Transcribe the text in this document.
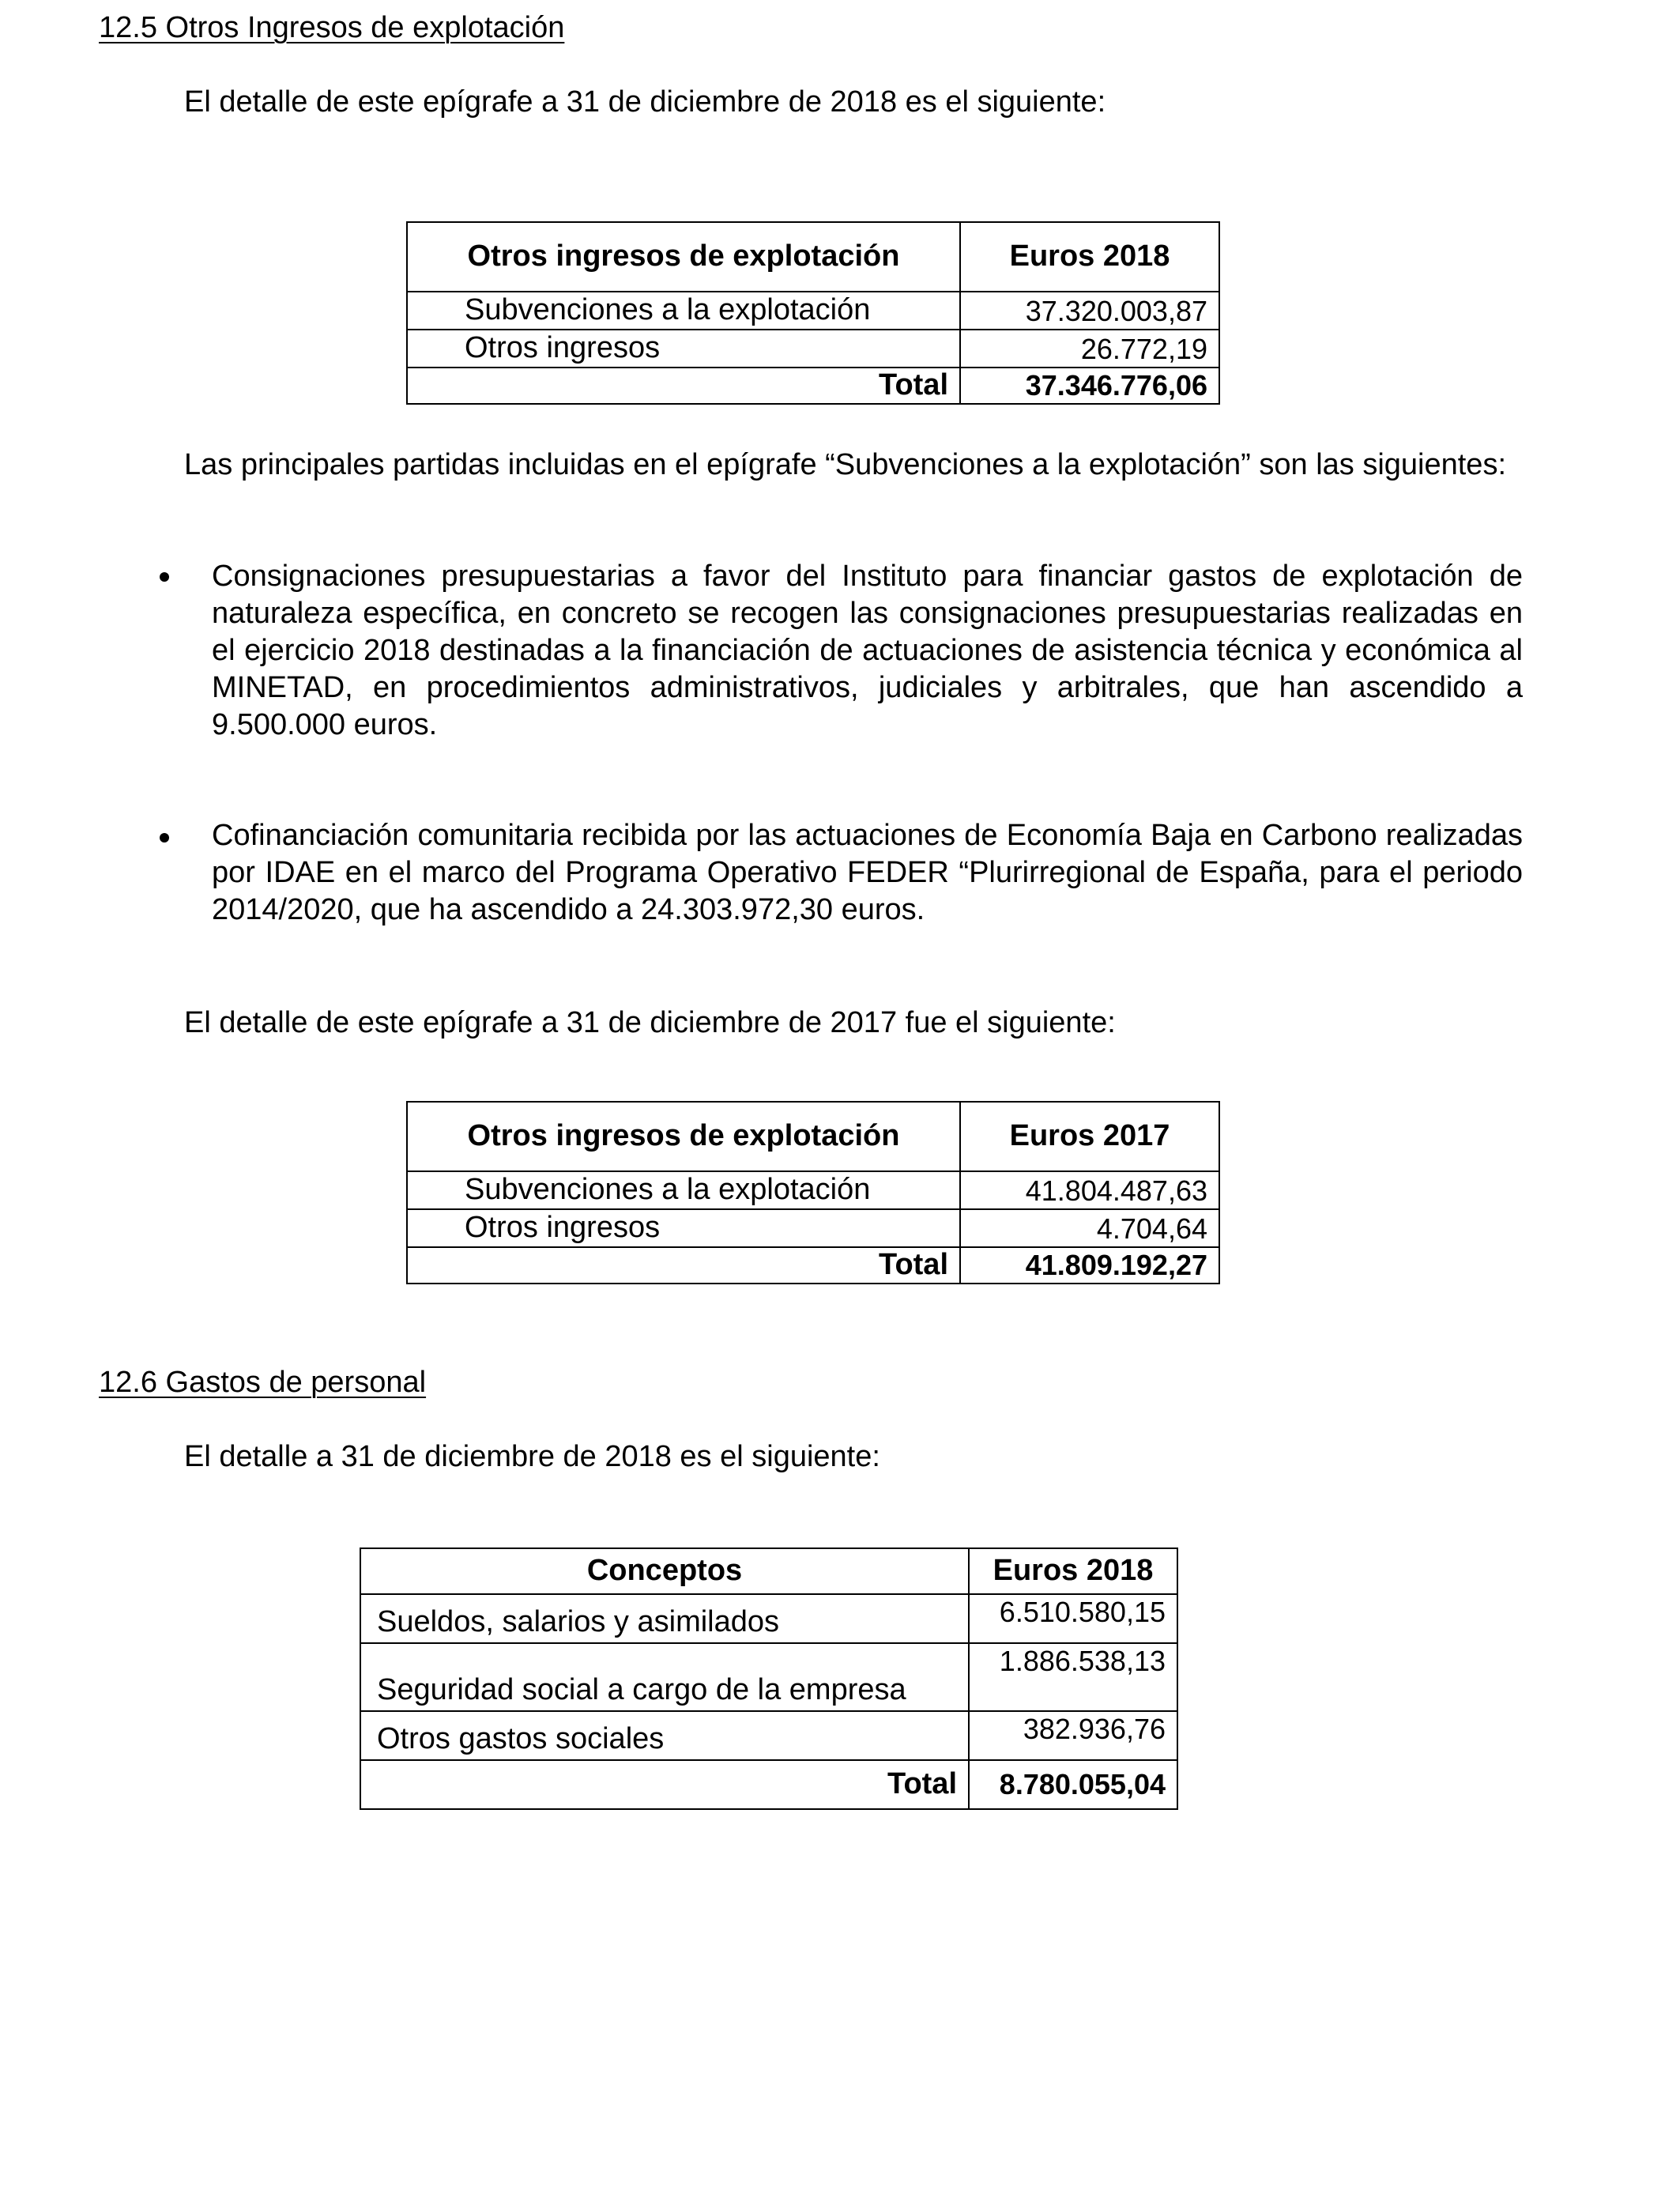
12.5 Otros Ingresos de explotación
El detalle de este epígrafe a 31 de diciembre de 2018 es el siguiente:
Otros ingresos de explotación	Euros 2018
Subvenciones a la explotación	37.320.003,87
Otros ingresos	26.772,19
Total	37.346.776,06
Las principales partidas incluidas en el epígrafe “Subvenciones a la explotación” son las siguientes:
Consignaciones presupuestarias a favor del Instituto para financiar gastos de explotación de naturaleza específica, en concreto se recogen las consignaciones presupuestarias realizadas en el ejercicio 2018 destinadas a la financiación de actuaciones de asistencia técnica y económica al MINETAD, en procedimientos administrativos, judiciales y arbitrales, que han ascendido a 9.500.000 euros.
Cofinanciación comunitaria recibida por las actuaciones de Economía Baja en Carbono realizadas por IDAE en el marco del Programa Operativo FEDER “Plurirregional de España, para el periodo 2014/2020, que ha ascendido a 24.303.972,30 euros.
El detalle de este epígrafe a 31 de diciembre de 2017 fue el siguiente:
Otros ingresos de explotación	Euros 2017
Subvenciones a la explotación	41.804.487,63
Otros ingresos	4.704,64
Total	41.809.192,27
12.6 Gastos de personal
El detalle a 31 de diciembre de 2018 es el siguiente:
Conceptos	Euros 2018
Sueldos, salarios y asimilados	6.510.580,15
Seguridad social a cargo de la empresa	1.886.538,13
Otros gastos sociales	382.936,76
Total	8.780.055,04
